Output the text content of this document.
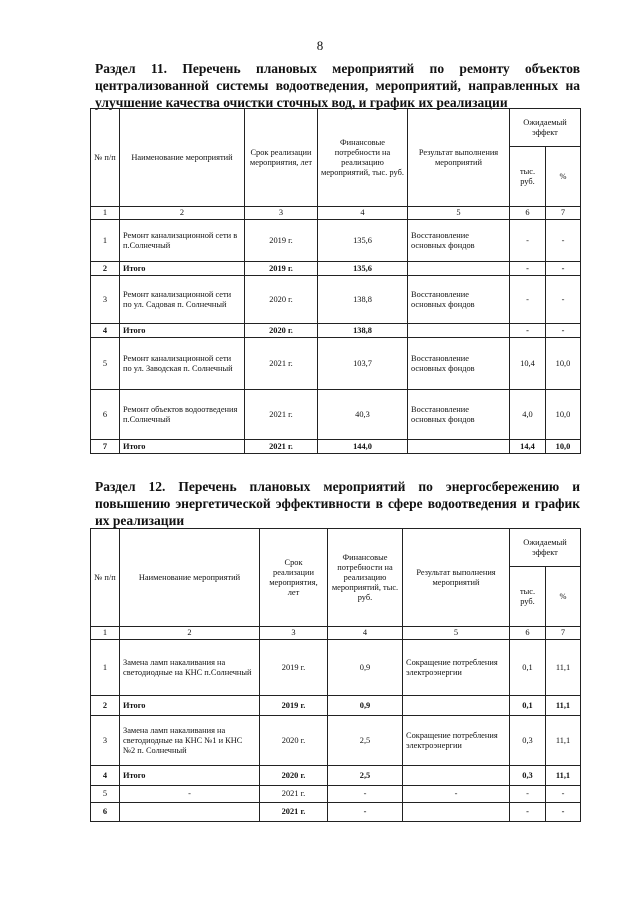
8
Раздел 11. Перечень плановых мероприятий по ремонту объектов централизованной системы водоотведения, мероприятий, направленных на улучшение качества очистки сточных вод, и график их реализации
№ п/п	Наименование мероприятий	Срок реализации мероприятия, лет	Финансовые потребности на реализацию мероприятий, тыс. руб.	Результат выполнения мероприятий	Ожидаемый эффект	
					тыс. руб.	%
1	2	3	4	5	6	7
1	Ремонт канализационной сети в п.Солнечный	2019 г.	135,6	Восстановление основных фондов	-	-
2	Итого	2019 г.	135,6		-	-
3	Ремонт канализационной сети по ул. Садовая п. Солнечный	2020 г.	138,8	Восстановление основных фондов	-	-
4	Итого	2020 г.	138,8		-	-
5	Ремонт канализационной сети по ул. Заводская п. Солнечный	2021 г.	103,7	Восстановление основных фондов	10,4	10,0
6	Ремонт объектов водоотведения п.Солнечный	2021 г.	40,3	Восстановление основных фондов	4,0	10,0
7	Итого	2021 г.	144,0		14,4	10,0
Раздел 12. Перечень плановых мероприятий по энергосбережению и повышению энергетической эффективности в сфере водоотведения и график их реализации
№ п/п	Наименование мероприятий	Срок реализации мероприятия, лет	Финансовые потребности на реализацию мероприятий, тыс. руб.	Результат выполнения мероприятий	Ожидаемый эффект	
					тыс. руб.	%
1	2	3	4	5	6	7
1	Замена ламп накаливания на светодиодные на КНС п.Солнечный	2019 г.	0,9	Сокращение потребления электроэнергии	0,1	11,1
2	Итого	2019 г.	0,9		0,1	11,1
3	Замена ламп накаливания на светодиодные на КНС №1 и КНС №2 п. Солнечный	2020 г.	2,5	Сокращение потребления электроэнергии	0,3	11,1
4	Итого	2020 г.	2,5		0,3	11,1
5	-	2021 г.	-	-	-	-
6		2021 г.	-		-	-
